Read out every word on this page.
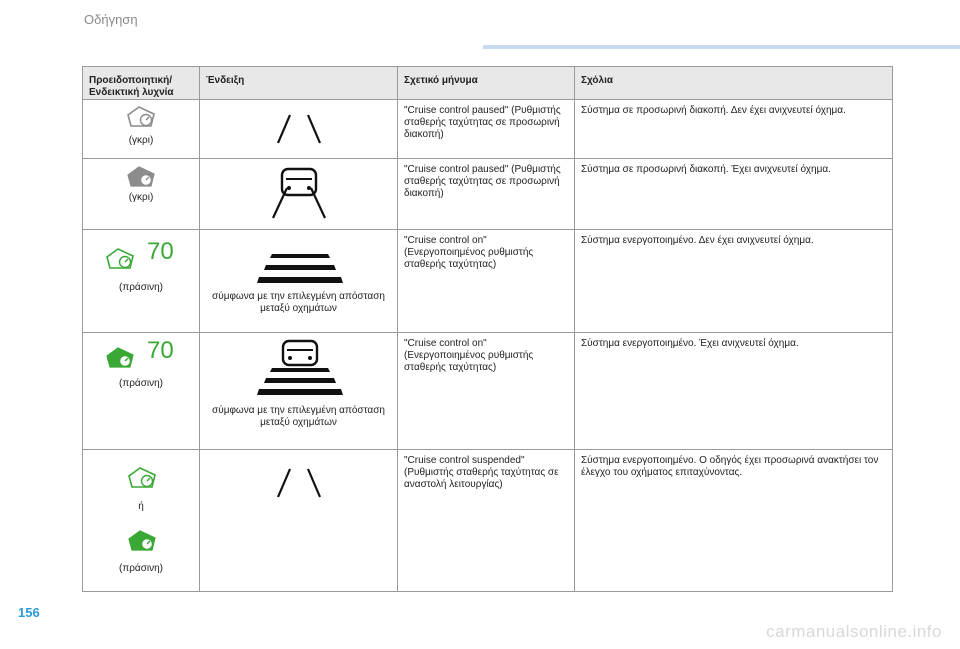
Οδήγηση
Προειδοποιητική/ Ενδεικτική λυχνία	Ένδειξη	Σχετικό μήνυμα	Σχόλια

(γκρι)		"Cruise control paused" (Ρυθμιστής σταθερής ταχύτητας σε προσωρινή διακοπή)	Σύστημα σε προσωρινή διακοπή. Δεν έχει ανιχνευτεί όχημα.

(γκρι)		"Cruise control paused" (Ρυθμιστής σταθερής ταχύτητας σε προσωρινή διακοπή)	Σύστημα σε προσωρινή διακοπή. Έχει ανιχνευτεί όχημα.

70
(πράσινη)	σύμφωνα με την επιλεγμένη απόσταση μεταξύ οχημάτων	"Cruise control on" (Ενεργοποιημένος ρυθμιστής σταθερής ταχύτητας)	Σύστημα ενεργοποιημένο. Δεν έχει ανιχνευτεί όχημα.

70
(πράσινη)	σύμφωνα με την επιλεγμένη απόσταση μεταξύ οχημάτων	"Cruise control on" (Ενεργοποιημένος ρυθμιστής σταθερής ταχύτητας)	Σύστημα ενεργοποιημένο. Έχει ανιχνευτεί όχημα.

ή
(πράσινη)		"Cruise control suspended" (Ρυθμιστής σταθερής ταχύτητας σε αναστολή λειτουργίας)	Σύστημα ενεργοποιημένο. Ο οδηγός έχει προσωρινά ανακτήσει τον έλεγχο του οχήματος επιταχύνοντας.
156
carmanualsonline.info
